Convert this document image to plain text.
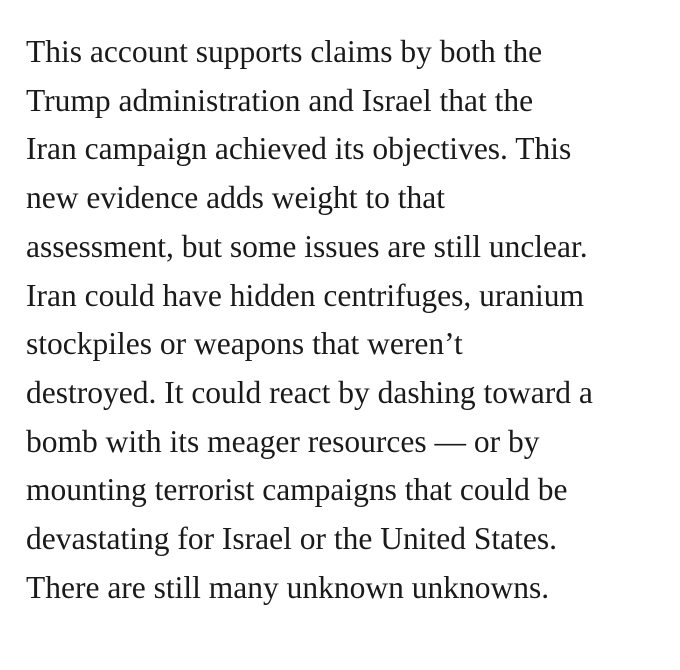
This account supports claims by both the
Trump administration and Israel that the
Iran campaign achieved its objectives. This
new evidence adds weight to that
assessment, but some issues are still unclear.
Iran could have hidden centrifuges, uranium
stockpiles or weapons that weren’t
destroyed. It could react by dashing toward a
bomb with its meager resources — or by
mounting terrorist campaigns that could be
devastating for Israel or the United States.
There are still many unknown unknowns.
